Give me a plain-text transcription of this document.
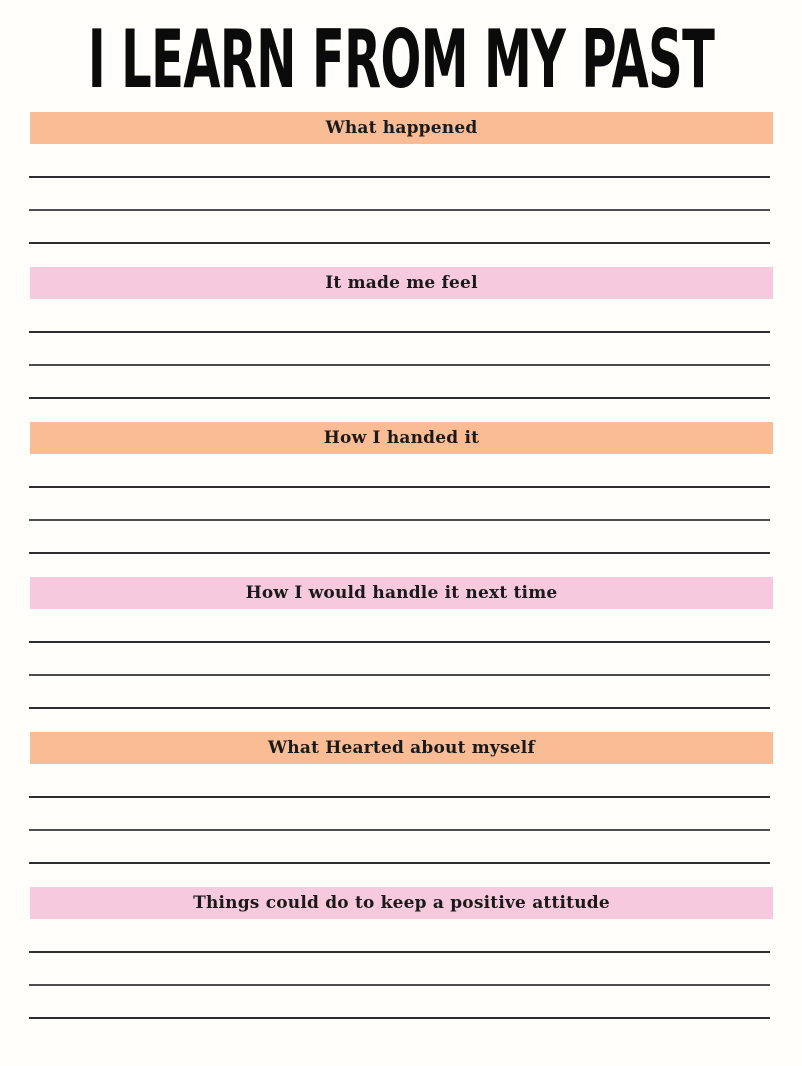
I LEARN FROM MY PAST
What happened
It made me feel
How I handed it
How I would handle it next time
What Hearted about myself
Things could do to keep a positive attitude
